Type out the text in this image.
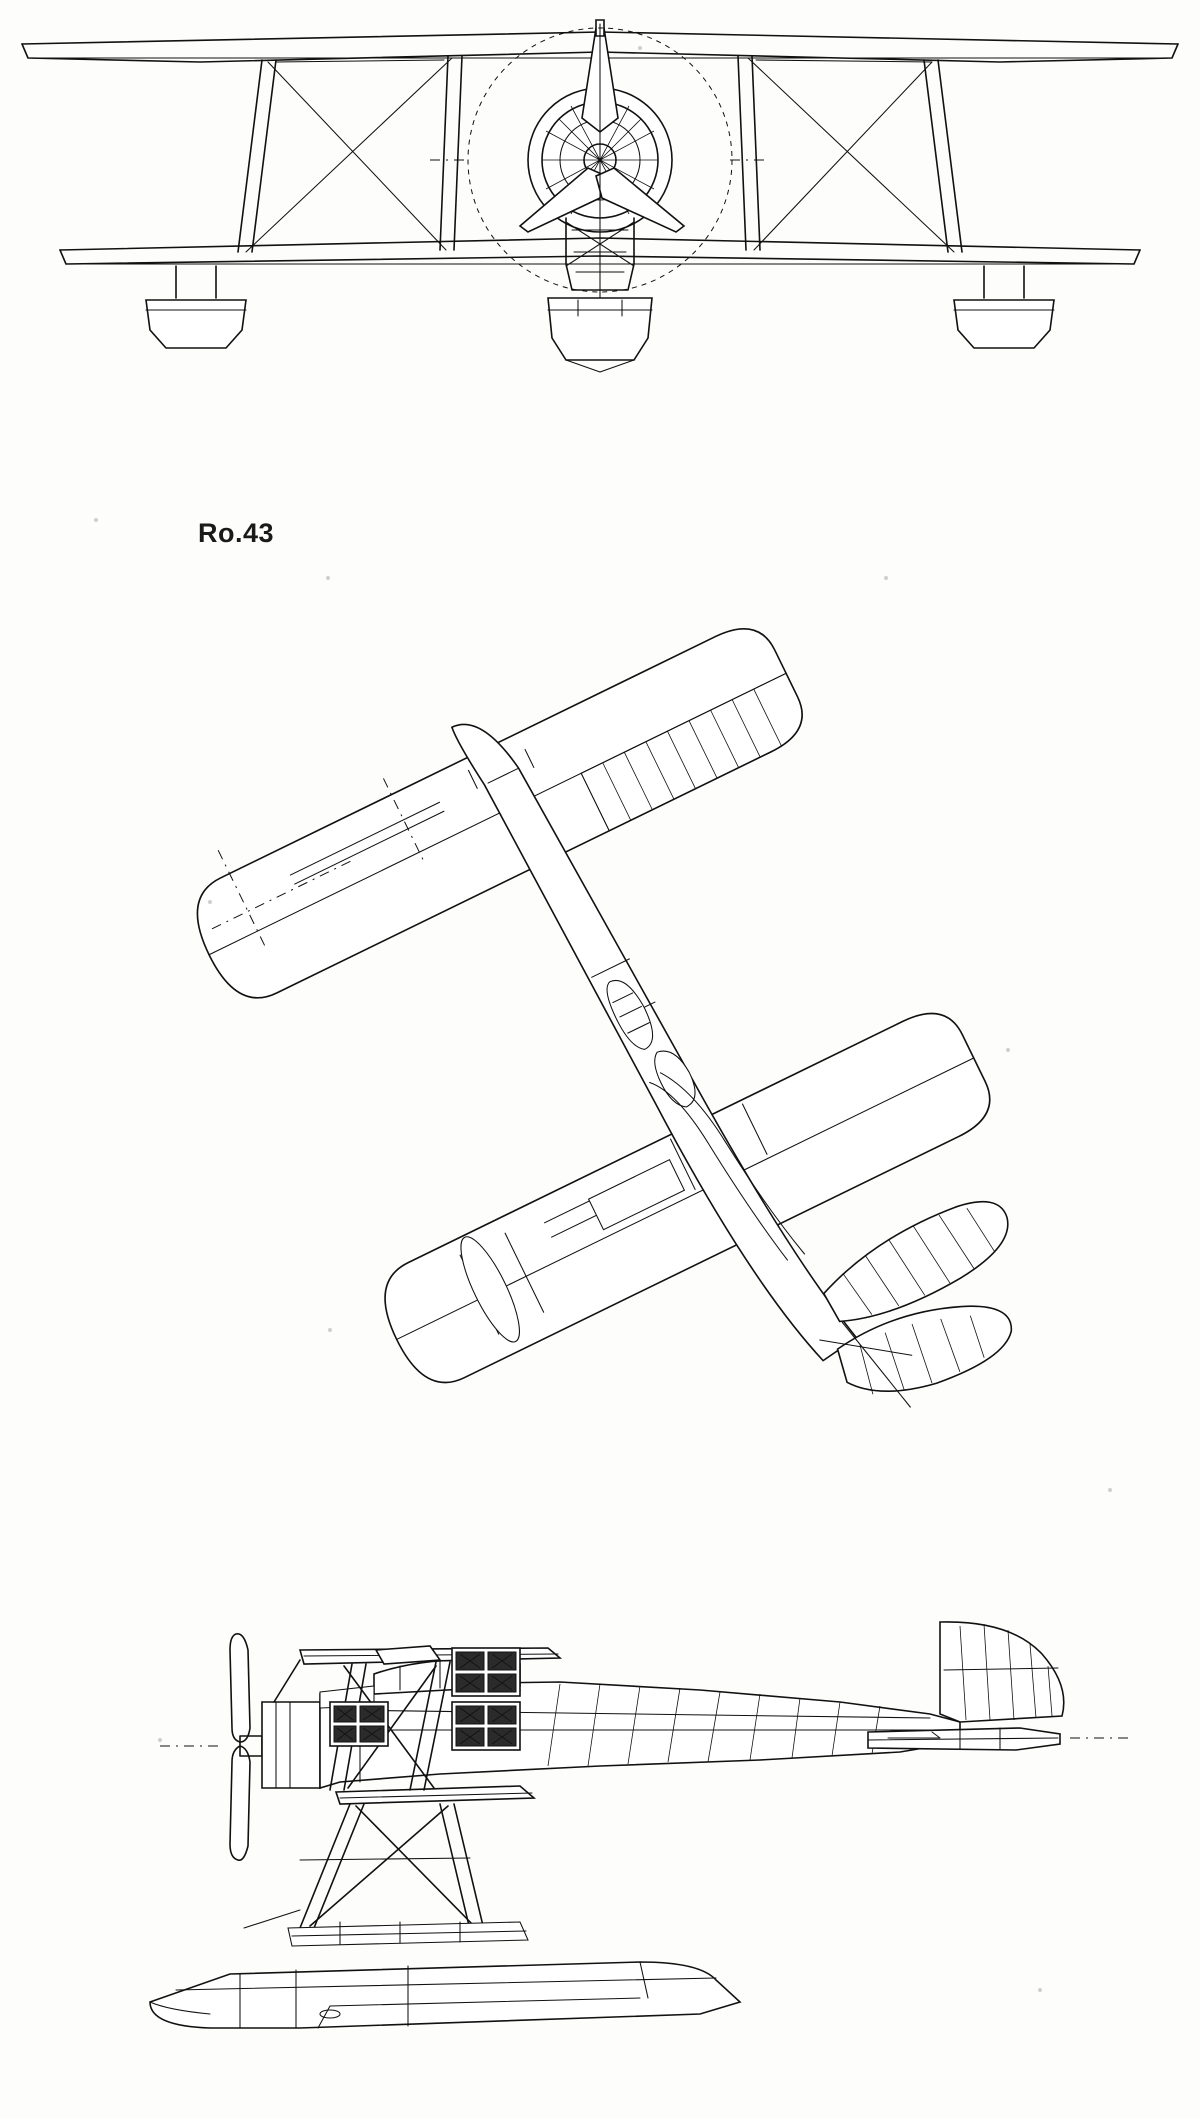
Ro.43
